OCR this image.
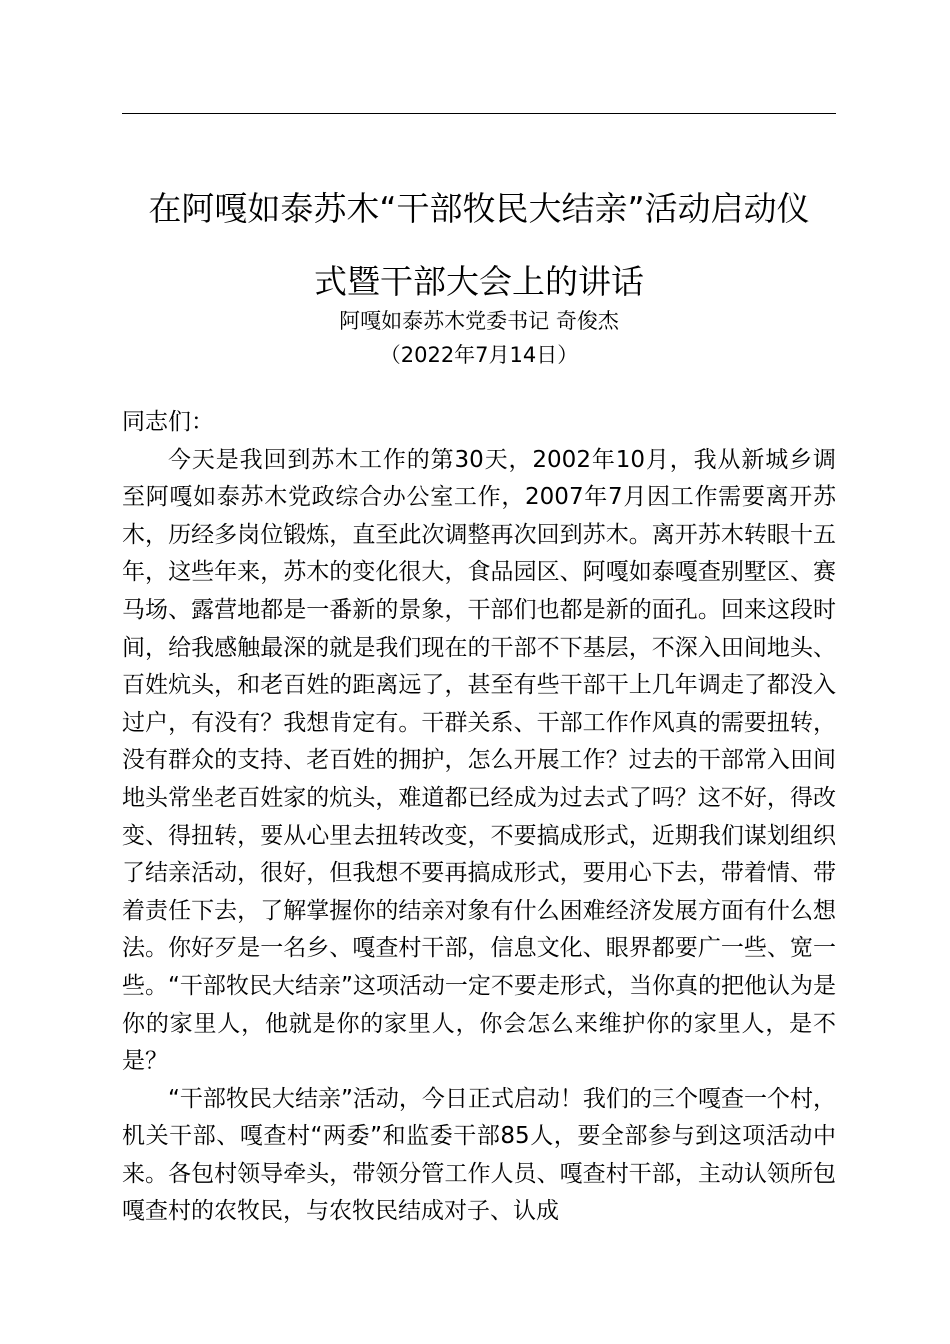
在阿嘎如泰苏木“干部牧民大结亲”活动启动仪
式暨干部大会上的讲话

阿嘎如泰苏木党委书记 奇俊杰

（2022年7月14日）

同志们：

今天是我回到苏木工作的第30天，2002年10月，我从新城乡调至阿嘎如泰苏木党政综合办公室工作，2007年7月因工作需要离开苏木，历经多岗位锻炼，直至此次调整再次回到苏木。离开苏木转眼十五年，这些年来，苏木的变化很大，食品园区、阿嘎如泰嘎查别墅区、赛马场、露营地都是一番新的景象，干部们也都是新的面孔。回来这段时间，给我感触最深的就是我们现在的干部不下基层，不深入田间地头、百姓炕头，和老百姓的距离远了，甚至有些干部干上几年调走了都没入过户，有没有？我想肯定有。干群关系、干部工作作风真的需要扭转，没有群众的支持、老百姓的拥护，怎么开展工作？过去的干部常入田间地头常坐老百姓家的炕头，难道都已经成为过去式了吗？这不好，得改变、得扭转，要从心里去扭转改变，不要搞成形式，近期我们谋划组织了结亲活动，很好，但我想不要再搞成形式，要用心下去，带着情、带着责任下去，了解掌握你的结亲对象有什么困难经济发展方面有什么想法。你好歹是一名乡、嘎查村干部，信息文化、眼界都要广一些、宽一些。“干部牧民大结亲”这项活动一定不要走形式，当你真的把他认为是你的家里人，他就是你的家里人，你会怎么来维护你的家里人，是不是？

“干部牧民大结亲”活动，今日正式启动！我们的三个嘎查一个村，机关干部、嘎查村“两委”和监委干部85人，要全部参与到这项活动中来。各包村领导牵头，带领分管工作人员、嘎查村干部，主动认领所包嘎查村的农牧民，与农牧民结成对子、认成
